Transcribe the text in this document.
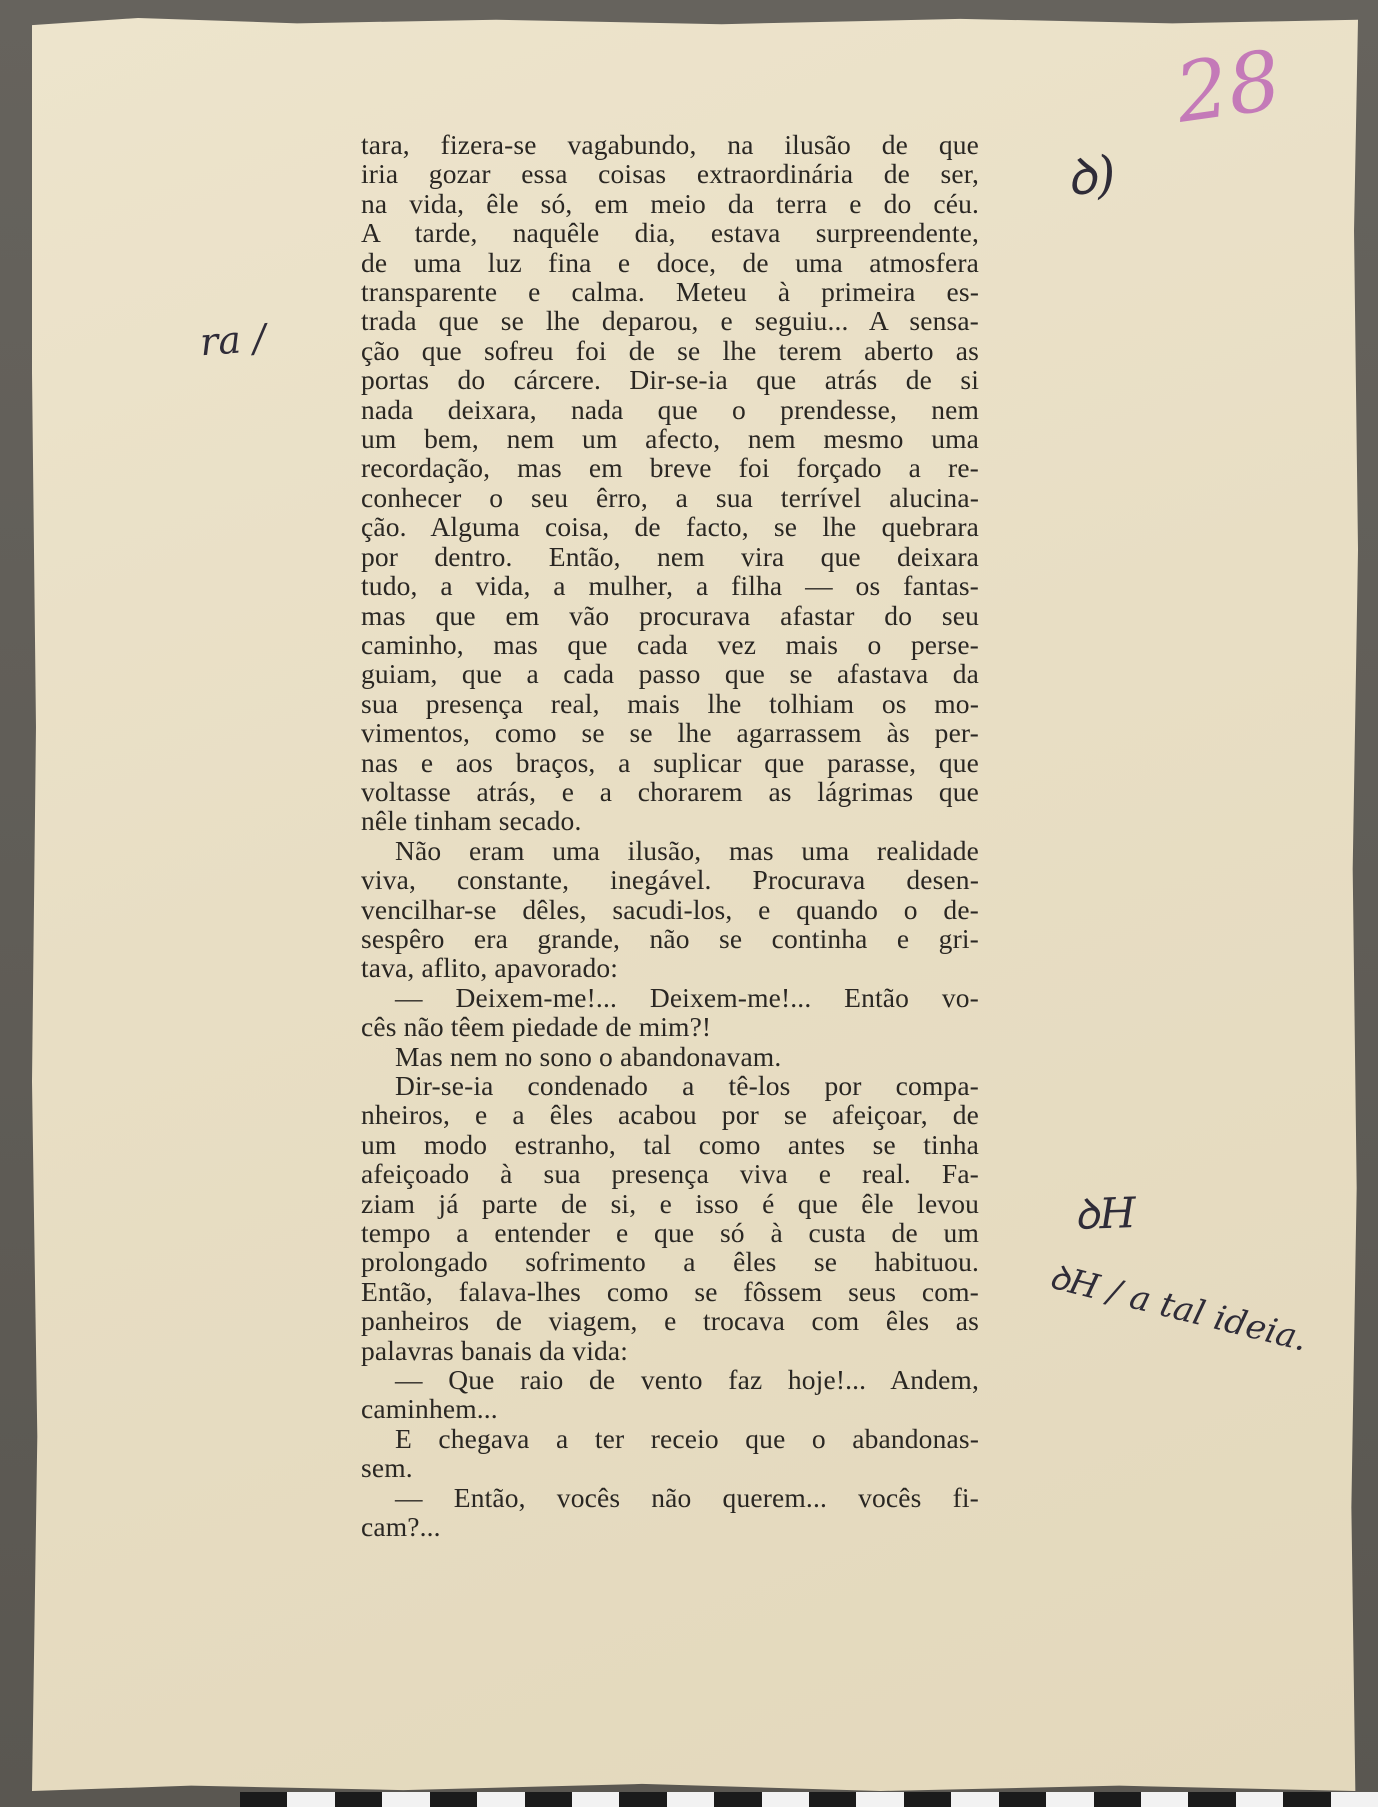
28
tara, fizera-se vagabundo, na ilusão de que
iria gozar essa coisas extraordinária de ser,
na vida, êle só, em meio da terra e do céu.
A tarde, naquêle dia, estava surpreendente,
de uma luz fina e doce, de uma atmosfera
transparente e calma. Meteu à primeira es-
trada que se lhe deparou, e seguiu... A sensa-
ção que sofreu foi de se lhe terem aberto as
portas do cárcere. Dir-se-ia que atrás de si
nada deixara, nada que o prendesse, nem
um bem, nem um afecto, nem mesmo uma
recordação, mas em breve foi forçado a re-
conhecer o seu êrro, a sua terrível alucina-
ção. Alguma coisa, de facto, se lhe quebrara
por dentro. Então, nem vira que deixara
tudo, a vida, a mulher, a filha — os fantas-
mas que em vão procurava afastar do seu
caminho, mas que cada vez mais o perse-
guiam, que a cada passo que se afastava da
sua presença real, mais lhe tolhiam os mo-
vimentos, como se se lhe agarrassem às per-
nas e aos braços, a suplicar que parasse, que
voltasse atrás, e a chorarem as lágrimas que
nêle tinham secado.
Não eram uma ilusão, mas uma realidade
viva, constante, inegável. Procurava desen-
vencilhar-se dêles, sacudi-los, e quando o de-
sespêro era grande, não se continha e gri-
tava, aflito, apavorado:
— Deixem-me!... Deixem-me!... Então vo-
cês não têem piedade de mim?!
Mas nem no sono o abandonavam.
Dir-se-ia condenado a tê-los por compa-
nheiros, e a êles acabou por se afeiçoar, de
um modo estranho, tal como antes se tinha
afeiçoado à sua presença viva e real. Fa-
ziam já parte de si, e isso é que êle levou
tempo a entender e que só à custa de um
prolongado sofrimento a êles se habituou.
Então, falava-lhes como se fôssem seus com-
panheiros de viagem, e trocava com êles as
palavras banais da vida:
— Que raio de vento faz hoje!... Andem,
caminhem...
E chegava a ter receio que o abandonas-
sem.
— Então, vocês não querem... vocês fi-
cam?...
ra /
ꝺ)
ꝺH
ꝺH / a tal ideia.
